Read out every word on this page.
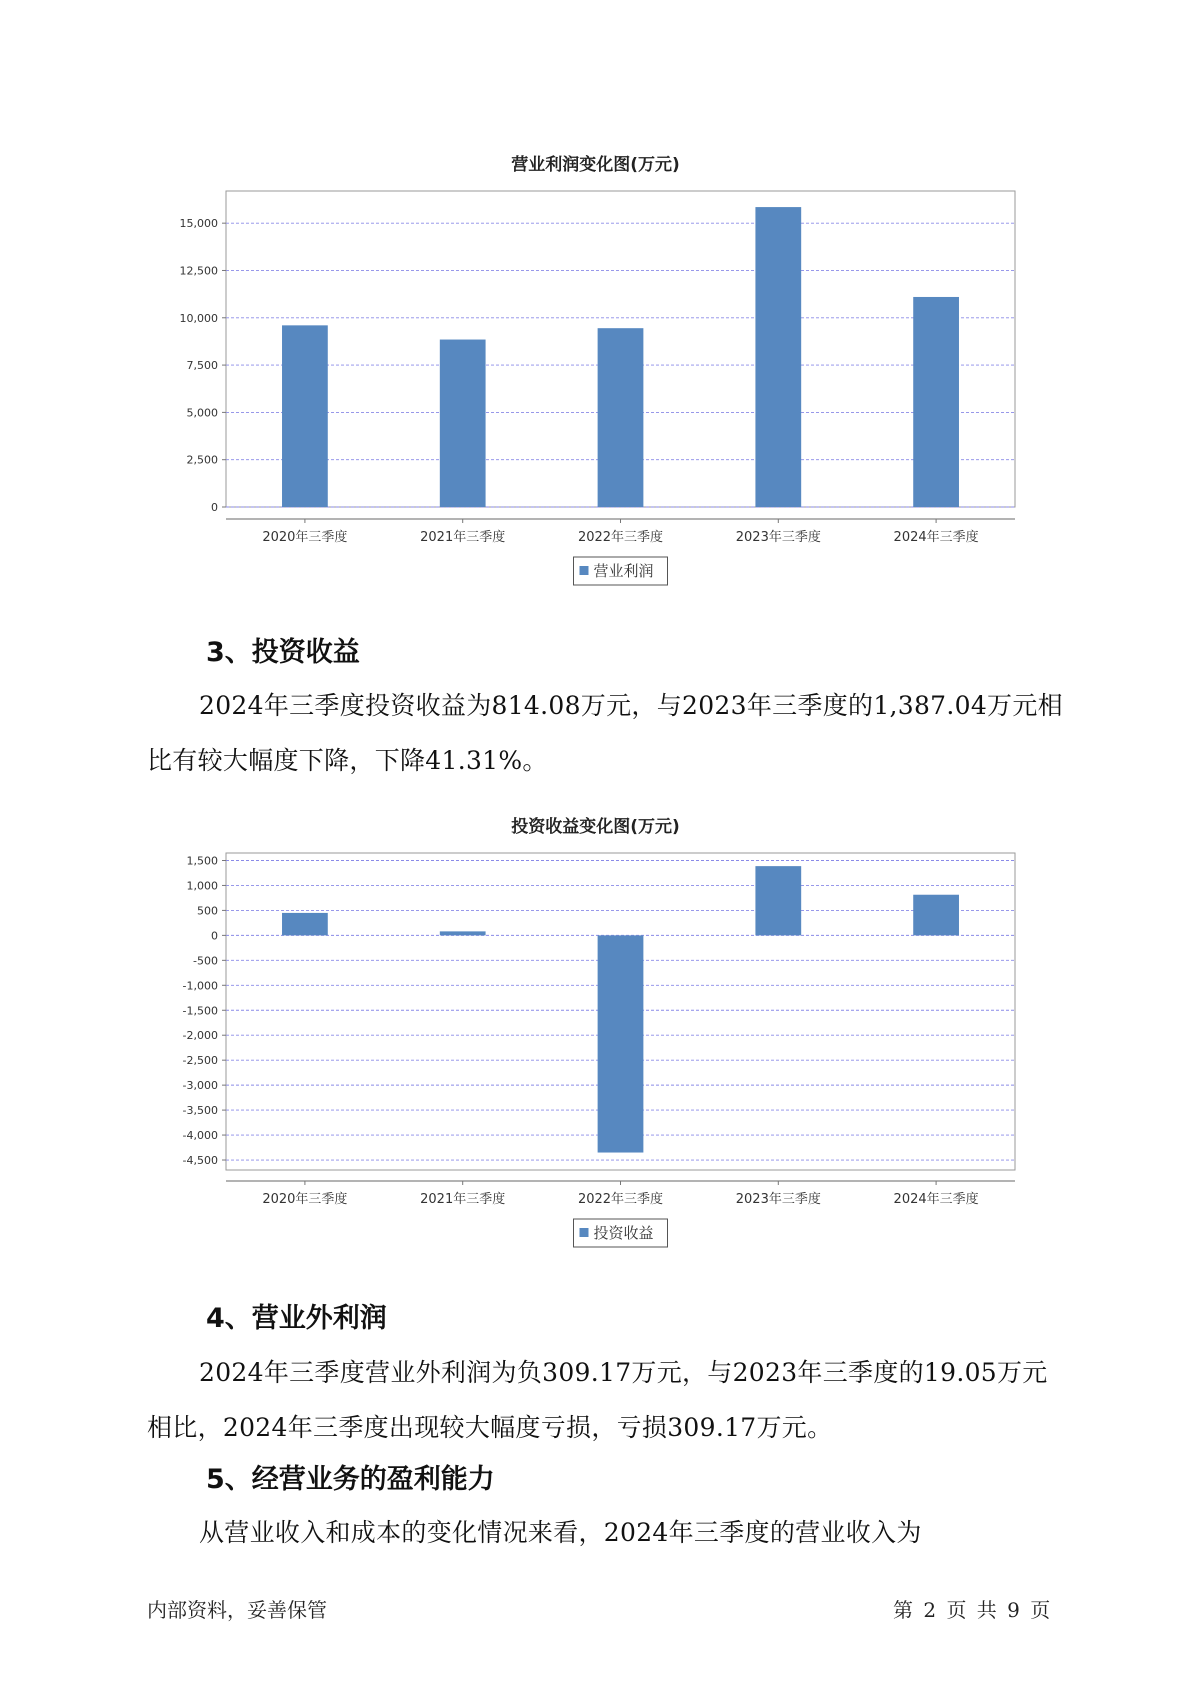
营业利润变化图(万元)
0
2,500
5,000
7,500
10,000
12,500
15,000
2020年三季度	2021年三季度	2022年三季度	2023年三季度	2024年三季度
营业利润
3、投资收益

2024年三季度投资收益为814.08万元，与2023年三季度的1,387.04万元相比有较大幅度下降，下降41.31%。

投资收益变化图(万元)
1,500
1,000
500
0
-500
-1,000
-1,500
-2,000
-2,500
-3,000
-3,500
-4,000
-4,500
2020年三季度	2021年三季度	2022年三季度	2023年三季度	2024年三季度
投资收益
4、营业外利润

2024年三季度营业外利润为负309.17万元，与2023年三季度的19.05万元相比，2024年三季度出现较大幅度亏损，亏损309.17万元。

5、经营业务的盈利能力

从营业收入和成本的变化情况来看，2024年三季度的营业收入为

内部资料，妥善保管	第 2 页 共 9 页
